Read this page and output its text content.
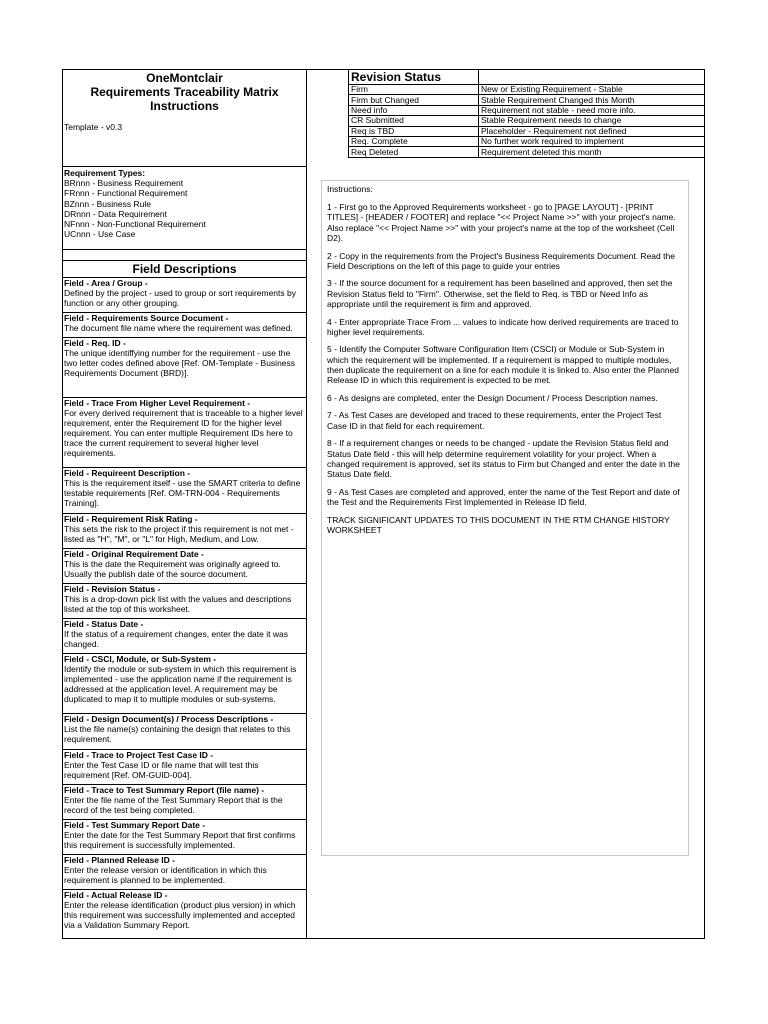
OneMontclair
Requirements Traceability Matrix
Instructions
Template - v0.3
Requirement Types:
BRnnn - Business Requirement
FRnnn - Functional Requirement
BZnnn - Business Rule
DRnnn - Data Requirement
NFnnn - Non-Functional Requirement
UCnnn - Use Case
Field Descriptions
Field - Area / Group -
Defined by the project - used to group or sort requirements by function or any other grouping.
Field - Requirements Source Document -
The document file name where the requirement was defined.
Field - Req. ID -
The unique identiffying number for the requirement - use the two letter codes defined above [Ref. OM-Template - Business Requirements Document (BRD)].
Field - Trace From Higher Level Requirement -
For every derived requirement that is traceable to a higher level requirement, enter the Requirement ID for the higher level requirement. You can enter multiple Requirement IDs here to trace the current requirement to several higher level requirements.
Field - Requireent Description -
This is the requirement itself - use the SMART criteria to define testable requirements [Ref. OM-TRN-004 - Requirements Training].
Field - Requirement Risk Rating -
This sets the risk to the project if this requirement is not met - listed as "H", "M", or "L" for High, Medium, and Low.
Field - Original Requirement Date -
This is the date the Requirement was originally agreed to. Usually the publish date of the source document.
Field - Revision Status -
This is a drop-down pick list with the values and descriptions listed at the top of this worksheet.
Field - Status Date -
If the status of a requirement changes, enter the date it was changed.
Field - CSCI, Module, or Sub-System -
Identify the module or sub-system in which this requirement is implemented - use the application name if the requirement is addressed at the application level. A requirement may be duplicated to map it to multiple modules or sub-systems.
Field - Design Document(s) / Process Descriptions -
List the file name(s) containing the design that relates to this requirement.
Field - Trace to Project Test Case ID -
Enter the Test Case ID or file name that will test this requirement [Ref. OM-GUID-004].
Field - Trace to Test Summary Report (file name) -
Enter the file name of the Test Summary Report that is the record of the test being completed.
Field - Test Summary Report Date -
Enter the date for the Test Summary Report that first confirms this requirement is successfully implemented.
Field - Planned Release ID -
Enter the release version or identification in which this requirement is planned to be implemented.
Field - Actual Release ID -
Enter the release identification (product plus version) in which this requirement was successfully implemented and accepted via a Validation Summary Report.
Revision Status	
Firm	New or Existing Requirement - Stable
Firm but Changed	Stable Requirement Changed this Month
Need info	Requirement not stable - need more info.
CR Submitted	Stable Requirement needs to change
Req is TBD	Placeholder - Requirement not defined
Req. Complete	No further work required to implement
Req Deleted	Requirement deleted this month

Instructions:

1 - First go to the Approved Requirements worksheet - go to [PAGE LAYOUT] - [PRINT TITLES] - [HEADER / FOOTER] and replace "<< Project Name >>" with your project's name. Also replace "<< Project Name >>" with your project's name at the top of the worksheet (Cell D2).

2 - Copy in the requirements from the Project's Business Requirements Document. Read the Field Descriptions on the left of this page to guide your entries

3 - If the source document for a requirement has been baselined and approved, then set the Revision Status field to "Firm". Otherwise, set the field to Req. is TBD or Need Info as appropriate until the requirement is firm and approved.

4 - Enter appropriate Trace From ... values to indicate how derived requirements are traced to higher level requirements.

5 - Identify the Computer Software Configuration Item (CSCI) or Module or Sub-System in which the requirement will be implemented. If a requirement is mapped to multiple modules, then duplicate the requirement on a line for each module it is linked to. Also enter the Planned Release ID in which this requirement is expected to be met.

6 - As designs are completed, enter the Design Document / Process Description names.

7 - As Test Cases are developed and traced to these requirements, enter the Project Test Case ID in that field for each requirement.

8 - If a requirement changes or needs to be changed - update the Revision Status field and Status Date field - this will help determine requirement volatility for your project. When a changed requirement is approved, set its status to Firm but Changed and enter the date in the Status Date field.

9 - As Test Cases are completed and approved, enter the name of the Test Report and date of the Test and the Requirements First Implemented in Release ID field.

TRACK SIGNIFICANT UPDATES TO THIS DOCUMENT IN THE RTM CHANGE HISTORY WORKSHEET
